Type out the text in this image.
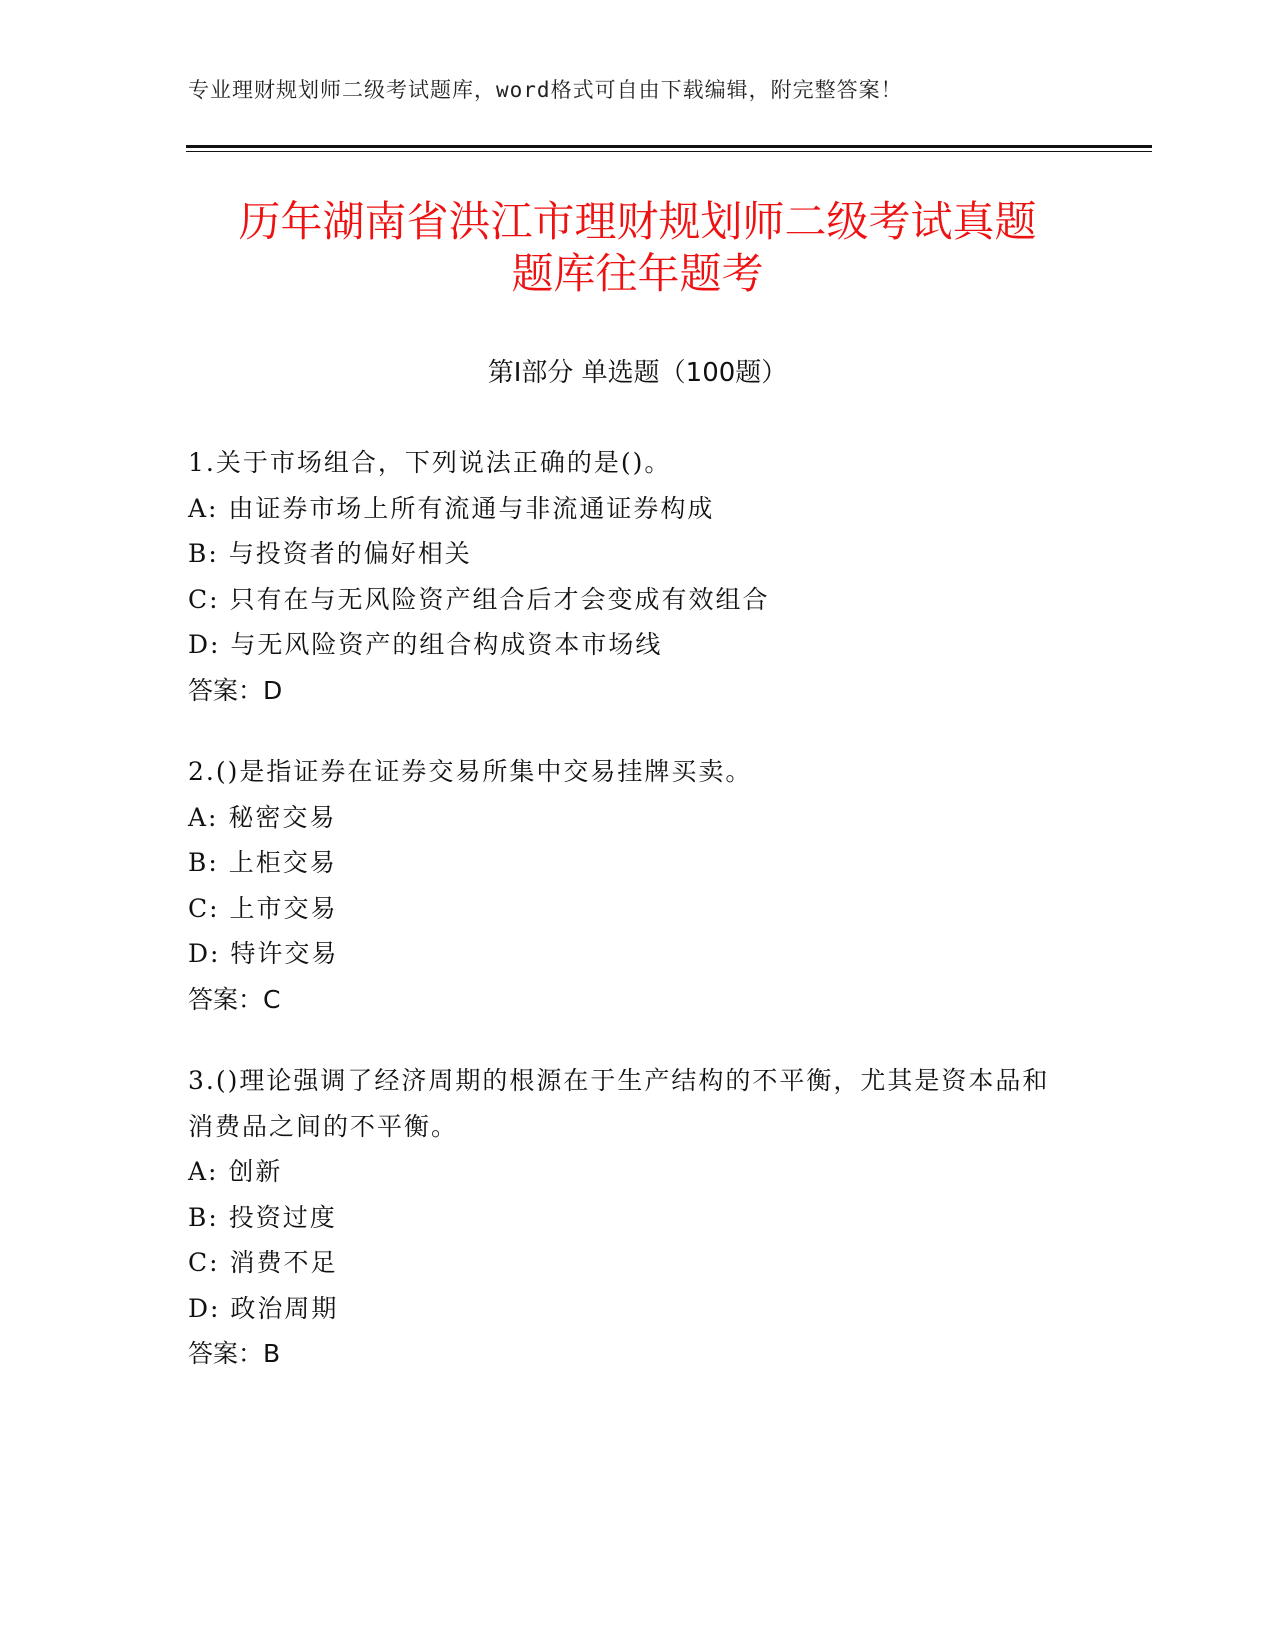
专业理财规划师二级考试题库，word格式可自由下载编辑，附完整答案！
历年湖南省洪江市理财规划师二级考试真题
题库往年题考
第Ⅰ部分 单选题（100题）
1.关于市场组合，下列说法正确的是()。
A: 由证券市场上所有流通与非流通证券构成
B: 与投资者的偏好相关
C: 只有在与无风险资产组合后才会变成有效组合
D: 与无风险资产的组合构成资本市场线
答案：D
2.()是指证券在证券交易所集中交易挂牌买卖。
A: 秘密交易
B: 上柜交易
C: 上市交易
D: 特许交易
答案：C
3.()理论强调了经济周期的根源在于生产结构的不平衡，尤其是资本品和消费品之间的不平衡。
A: 创新
B: 投资过度
C: 消费不足
D: 政治周期
答案：B
